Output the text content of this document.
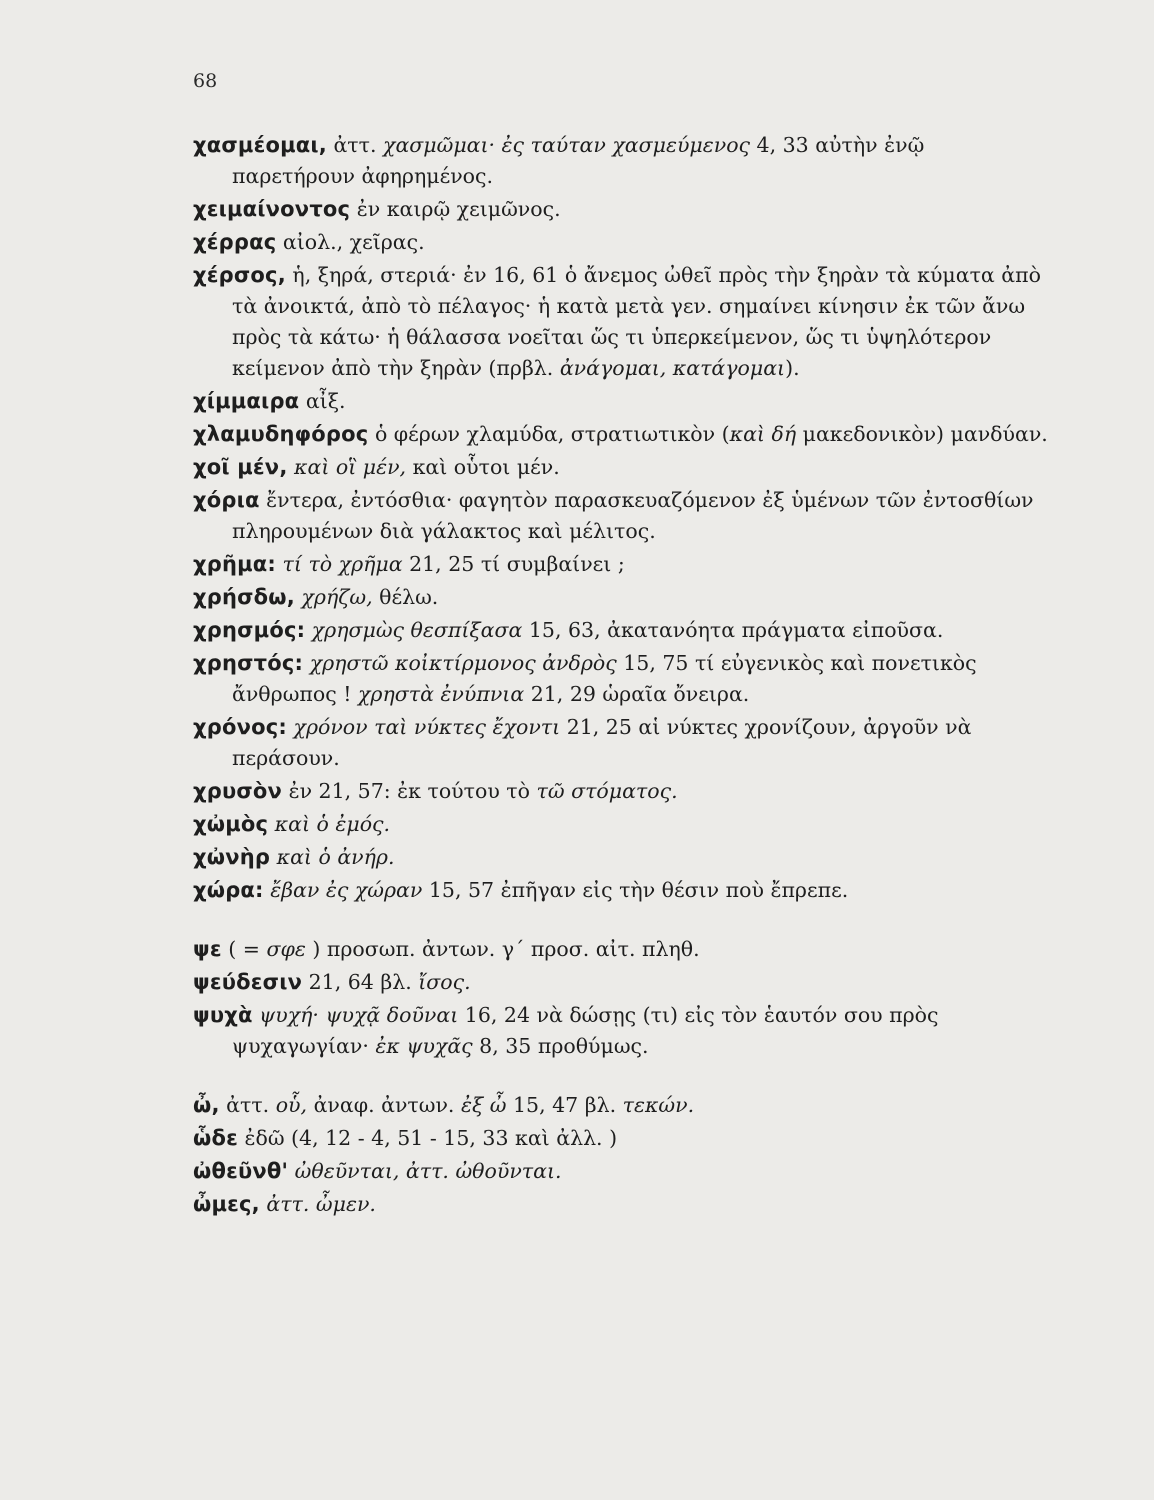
68
χασμέομαι, ἀττ. χασμῶμαι· ἐς ταύταν χασμεύμενος 4, 33 αὐτὴν ἐνῷ παρετήρουν ἀφηρημένος.
χειμαίνοντος ἐν καιρῷ χειμῶνος.
χέρρας αἰολ., χεῖρας.
χέρσος, ἡ, ξηρά, στεριά· ἐν 16, 61 ὁ ἄνεμος ὠθεῖ πρὸς τὴν ξηρὰν τὰ κύματα ἀπὸ τὰ ἀνοικτά, ἀπὸ τὸ πέλαγος· ἡ κατὰ μετὰ γεν. σημαίνει κίνησιν ἐκ τῶν ἄνω πρὸς τὰ κάτω· ἡ θάλασσα νοεῖται ὥς τι ὑπερκείμενον, ὥς τι ὑψηλότερον κείμενον ἀπὸ τὴν ξηρὰν (πρβλ. ἀνάγομαι, κατάγομαι).
χίμμαιρα αἶξ.
χλαμυδηφόρος ὁ φέρων χλαμύδα, στρατιωτικὸν (καὶ δή μακεδονικὸν) μανδύαν.
χοῖ μέν, καὶ οἳ μέν, καὶ οὗτοι μέν.
χόρια ἔντερα, ἐντόσθια· φαγητὸν παρασκευαζόμενον ἐξ ὑμένων τῶν ἐντοσθίων πληρουμένων διὰ γάλακτος καὶ μέλιτος.
χρῆμα: τί τὸ χρῆμα 21, 25 τί συμβαίνει ;
χρήσδω, χρήζω, θέλω.
χρησμός: χρησμὼς θεσπίξασα 15, 63, ἀκατανόητα πράγματα εἰποῦσα.
χρηστός: χρηστῶ κοἰκτίρμονος ἀνδρὸς 15, 75 τί εὐγενικὸς καὶ πονετικὸς ἄνθρωπος ! χρηστὰ ἐνύπνια 21, 29 ὡραῖα ὄνειρα.
χρόνος: χρόνον ταὶ νύκτες ἔχοντι 21, 25 αἱ νύκτες χρονίζουν, ἀργοῦν νὰ περάσουν.
χρυσὸν ἐν 21, 57: ἐκ τούτου τὸ τῶ στόματος.
χὠμὸς καὶ ὁ ἐμός.
χὠνὴρ καὶ ὁ ἀνήρ.
χώρα: ἔβαν ἐς χώραν 15, 57 ἐπῆγαν εἰς τὴν θέσιν ποὺ ἔπρεπε.
ψε ( = σφε ) προσωπ. ἀντων. γ΄ προσ. αἰτ. πληθ.
ψεύδεσιν 21, 64 βλ. ἴσος.
ψυχὰ ψυχή· ψυχᾷ δοῦναι 16, 24 νὰ δώσῃς (τι) εἰς τὸν ἑαυτόν σου πρὸς ψυχαγωγίαν· ἐκ ψυχᾶς 8, 35 προθύμως.
ὦ, ἀττ. οὗ, ἀναφ. ἀντων. ἐξ ὦ 15, 47 βλ. τεκών.
ὧδε ἐδῶ (4, 12 - 4, 51 - 15, 33 καὶ ἀλλ. )
ὠθεῦνθ' ὠθεῦνται, ἀττ. ὠθοῦνται.
ὦμες, ἀττ. ὦμεν.
